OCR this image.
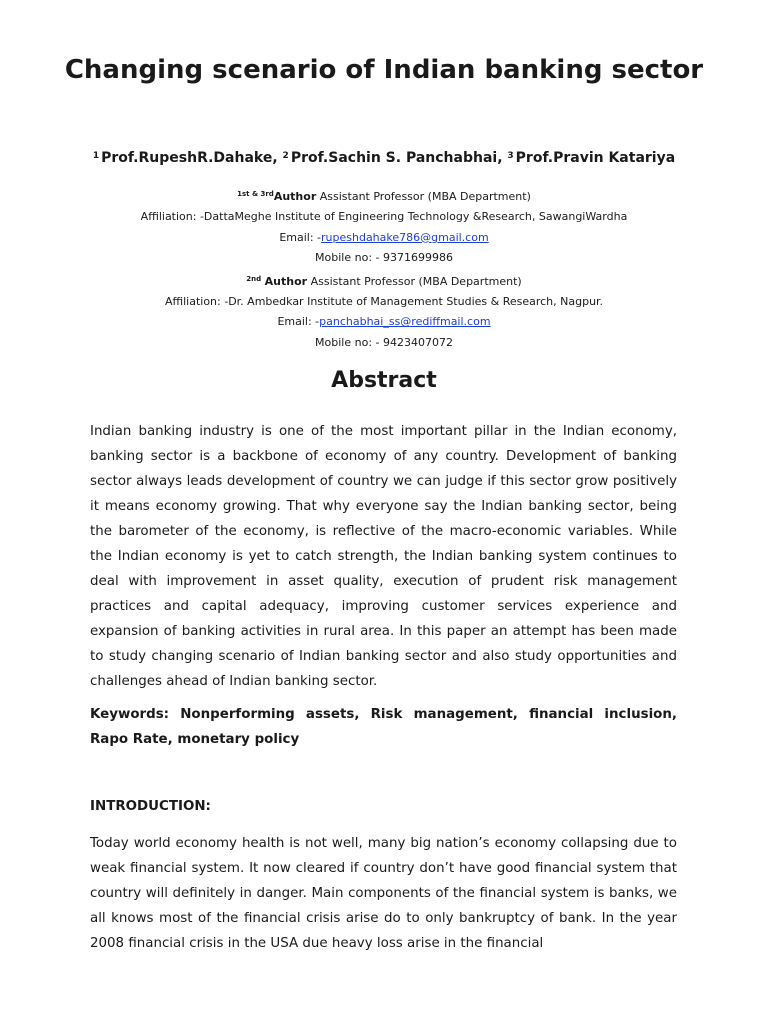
Changing scenario of Indian banking sector
$^1$ Prof.RupeshR.Dahake, $^2$ Prof.Sachin S. Panchabhai, $^3$ Prof.Pravin Katariya
$^{1st \& 3rd}$Author Assistant Professor (MBA Department)
Affiliation: -DattaMeghe Institute of Engineering Technology &Research, SawangiWardha
Email: -rupeshdahake786@gmail.com
Mobile no: - 9371699986
$^{2nd}$ Author Assistant Professor (MBA Department)
Affiliation: -Dr. Ambedkar Institute of Management Studies & Research, Nagpur.
Email: -panchabhai_ss@rediffmail.com
Mobile no: - 9423407072
Abstract

Indian banking industry is one of the most important pillar in the Indian economy, banking sector is a backbone of economy of any country. Development of banking sector always leads development of country we can judge if this sector grow positively it means economy growing. That why everyone say the Indian banking sector, being the barometer of the economy, is reflective of the macro-economic variables. While the Indian economy is yet to catch strength, the Indian banking system continues to deal with improvement in asset quality, execution of prudent risk management practices and capital adequacy, improving customer services experience and expansion of banking activities in rural area. In this paper an attempt has been made to study changing scenario of Indian banking sector and also study opportunities and challenges ahead of Indian banking sector.

Keywords: Nonperforming assets, Risk management, financial inclusion, Rapo Rate, monetary policy

INTRODUCTION:

Today world economy health is not well, many big nation’s economy collapsing due to weak financial system. It now cleared if country don’t have good financial system that country will definitely in danger. Main components of the financial system is banks, we all knows most of the financial crisis arise do to only bankruptcy of bank. In the year 2008 financial crisis in the USA due heavy loss arise in the financial
